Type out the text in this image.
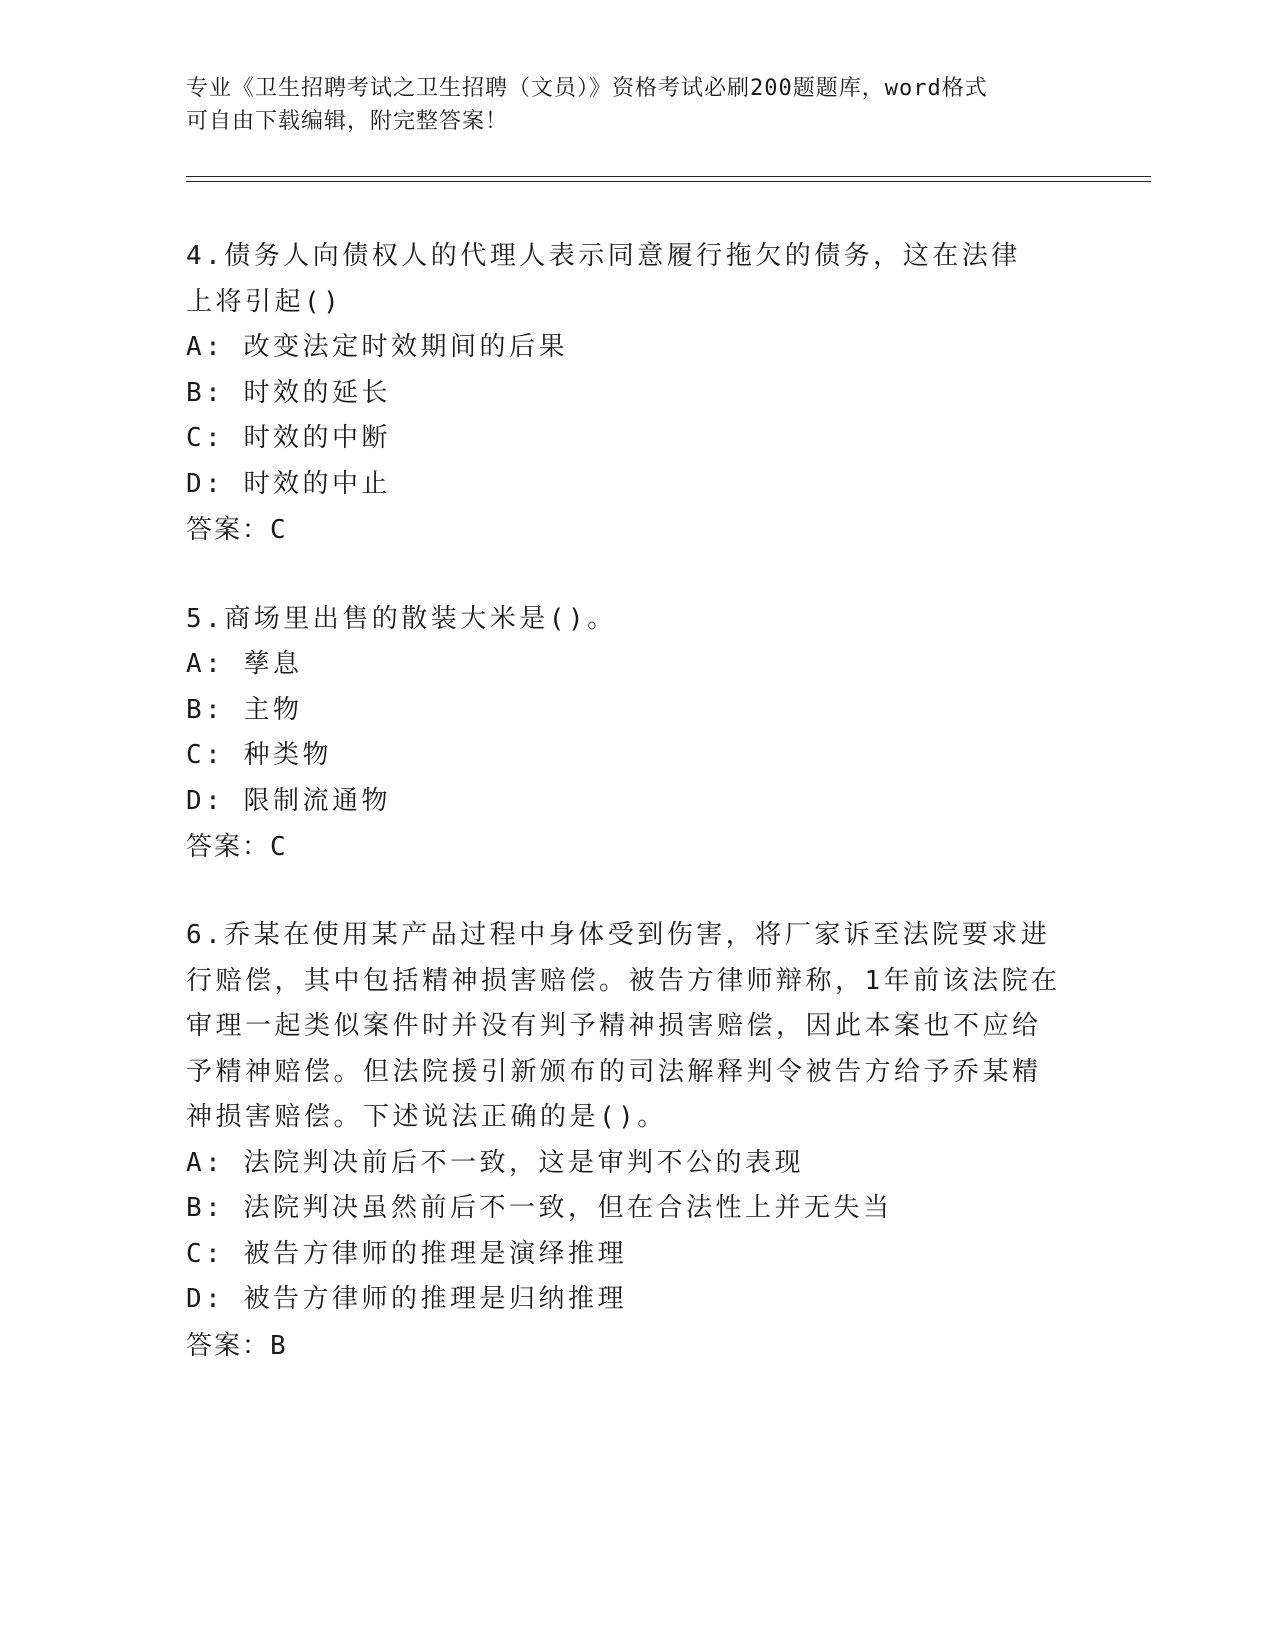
专业《卫生招聘考试之卫生招聘（文员）》资格考试必刷200题题库，word格式
可自由下载编辑，附完整答案！

4.债务人向债权人的代理人表示同意履行拖欠的债务，这在法律上将引起()

A: 改变法定时效期间的后果
B: 时效的延长
C: 时效的中断
D: 时效的中止
答案：C

5.商场里出售的散装大米是()。

A: 孳息
B: 主物
C: 种类物
D: 限制流通物
答案：C

6.乔某在使用某产品过程中身体受到伤害，将厂家诉至法院要求进行赔偿，其中包括精神损害赔偿。被告方律师辩称，1年前该法院在审理一起类似案件时并没有判予精神损害赔偿，因此本案也不应给予精神赔偿。但法院援引新颁布的司法解释判令被告方给予乔某精神损害赔偿。下述说法正确的是()。

A: 法院判决前后不一致，这是审判不公的表现
B: 法院判决虽然前后不一致，但在合法性上并无失当
C: 被告方律师的推理是演绎推理
D: 被告方律师的推理是归纳推理
答案：B
